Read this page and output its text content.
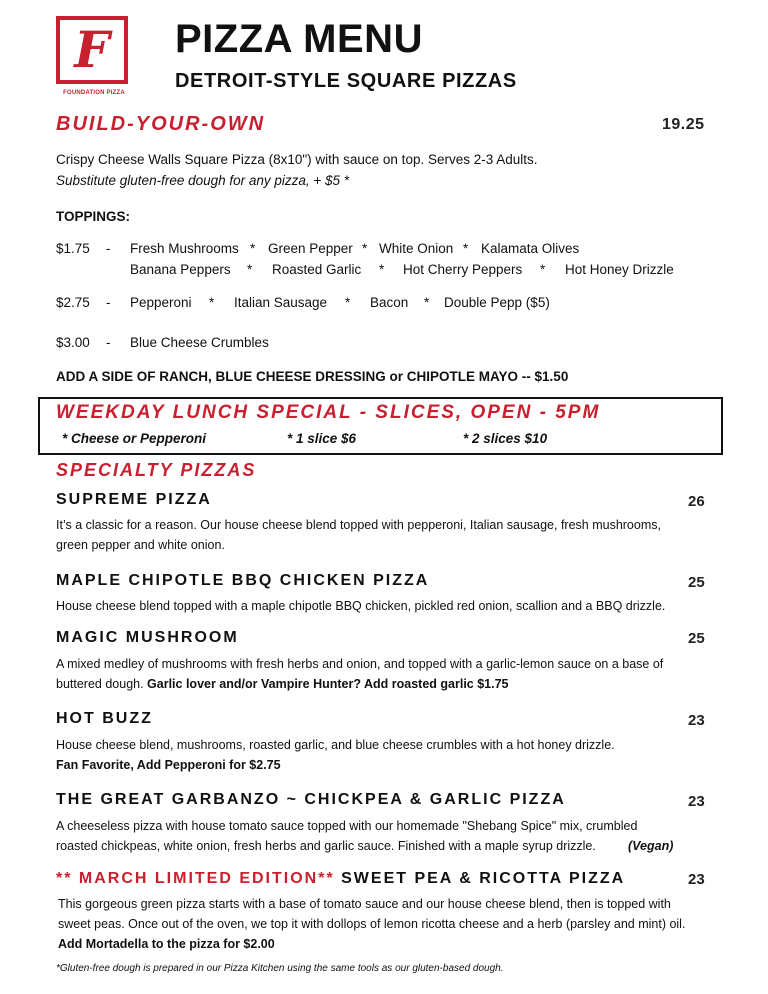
F
FOUNDATION PIZZA
PIZZA MENU
DETROIT-STYLE SQUARE PIZZAS
BUILD-YOUR-OWN	19.25
Crispy Cheese Walls Square Pizza (8x10") with sauce on top. Serves 2-3 Adults.
Substitute gluten-free dough for any pizza, + $5 *
TOPPINGS:
$1.75 - Fresh Mushrooms * Green Pepper * White Onion * Kalamata Olives
Banana Peppers * Roasted Garlic * Hot Cherry Peppers * Hot Honey Drizzle
$2.75 - Pepperoni * Italian Sausage * Bacon * Double Pepp ($5)
$3.00 - Blue Cheese Crumbles
ADD A SIDE OF RANCH, BLUE CHEESE DRESSING or CHIPOTLE MAYO -- $1.50
WEEKDAY LUNCH SPECIAL - SLICES, OPEN - 5PM
* Cheese or Pepperoni	* 1 slice $6	* 2 slices $10
SPECIALTY PIZZAS
SUPREME PIZZA	26
It’s a classic for a reason. Our house cheese blend topped with pepperoni, Italian sausage, fresh mushrooms,
green pepper and white onion.
MAPLE CHIPOTLE BBQ CHICKEN PIZZA	25
House cheese blend topped with a maple chipotle BBQ chicken, pickled red onion, scallion and a BBQ drizzle.
MAGIC MUSHROOM	25
A mixed medley of mushrooms with fresh herbs and onion, and topped with a garlic-lemon sauce on a base of
buttered dough. Garlic lover and/or Vampire Hunter? Add roasted garlic $1.75
HOT BUZZ	23
House cheese blend, mushrooms, roasted garlic, and blue cheese crumbles with a hot honey drizzle.
Fan Favorite, Add Pepperoni for $2.75
THE GREAT GARBANZO ~ CHICKPEA & GARLIC PIZZA	23
A cheeseless pizza with house tomato sauce topped with our homemade "Shebang Spice" mix, crumbled
roasted chickpeas, white onion, fresh herbs and garlic sauce. Finished with a maple syrup drizzle.	(Vegan)
** MARCH LIMITED EDITION** SWEET PEA & RICOTTA PIZZA	23
This gorgeous green pizza starts with a base of tomato sauce and our house cheese blend, then is topped with
sweet peas. Once out of the oven, we top it with dollops of lemon ricotta cheese and a herb (parsley and mint) oil.
Add Mortadella to the pizza for $2.00
*Gluten-free dough is prepared in our Pizza Kitchen using the same tools as our gluten-based dough.
